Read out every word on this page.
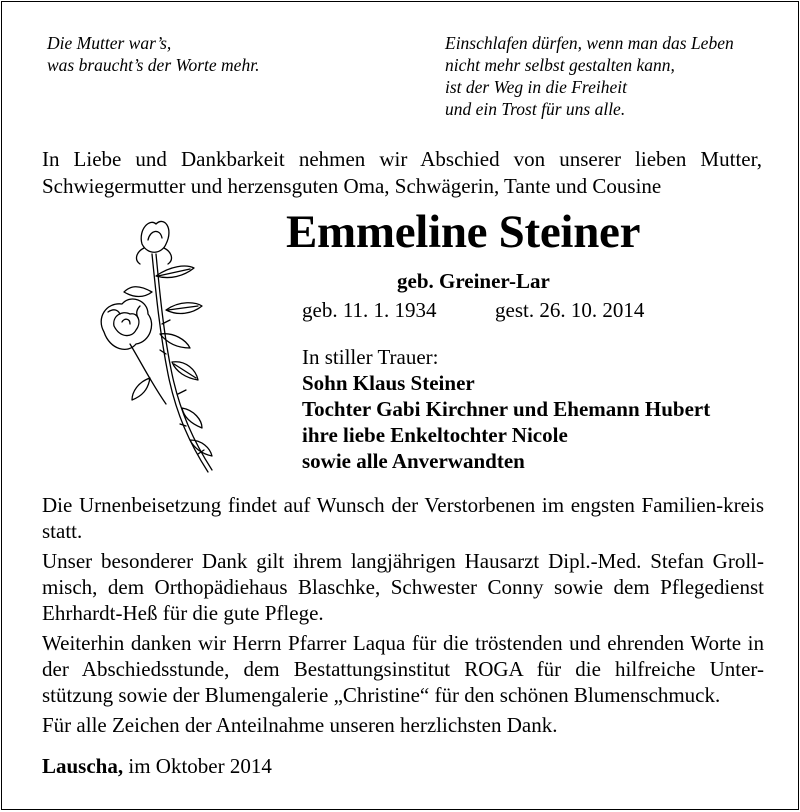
Die Mutter war’s,
was braucht’s der Worte mehr.
Einschlafen dürfen, wenn man das Leben
nicht mehr selbst gestalten kann,
ist der Weg in die Freiheit
und ein Trost für uns alle.
In Liebe und Dankbarkeit nehmen wir Abschied von unserer lieben Mutter, Schwiegermutter und herzensguten Oma, Schwägerin, Tante und Cousine
Emmeline Steiner
geb. Greiner-Lar
geb. 11. 1. 1934	gest. 26. 10. 2014
In stiller Trauer:
Sohn Klaus Steiner
Tochter Gabi Kirchner und Ehemann Hubert
ihre liebe Enkeltochter Nicole
sowie alle Anverwandten

Die Urnenbeisetzung findet auf Wunsch der Verstorbenen im engsten Familien-kreis statt.

Unser besonderer Dank gilt ihrem langjährigen Hausarzt Dipl.-Med. Stefan Groll-misch, dem Orthopädiehaus Blaschke, Schwester Conny sowie dem Pflegedienst Ehrhardt-Heß für die gute Pflege.

Weiterhin danken wir Herrn Pfarrer Laqua für die tröstenden und ehrenden Worte in der Abschiedsstunde, dem Bestattungsinstitut ROGA für die hilfreiche Unter-stützung sowie der Blumengalerie „Christine“ für den schönen Blumenschmuck.

Für alle Zeichen der Anteilnahme unseren herzlichsten Dank.

Lauscha, im Oktober 2014
